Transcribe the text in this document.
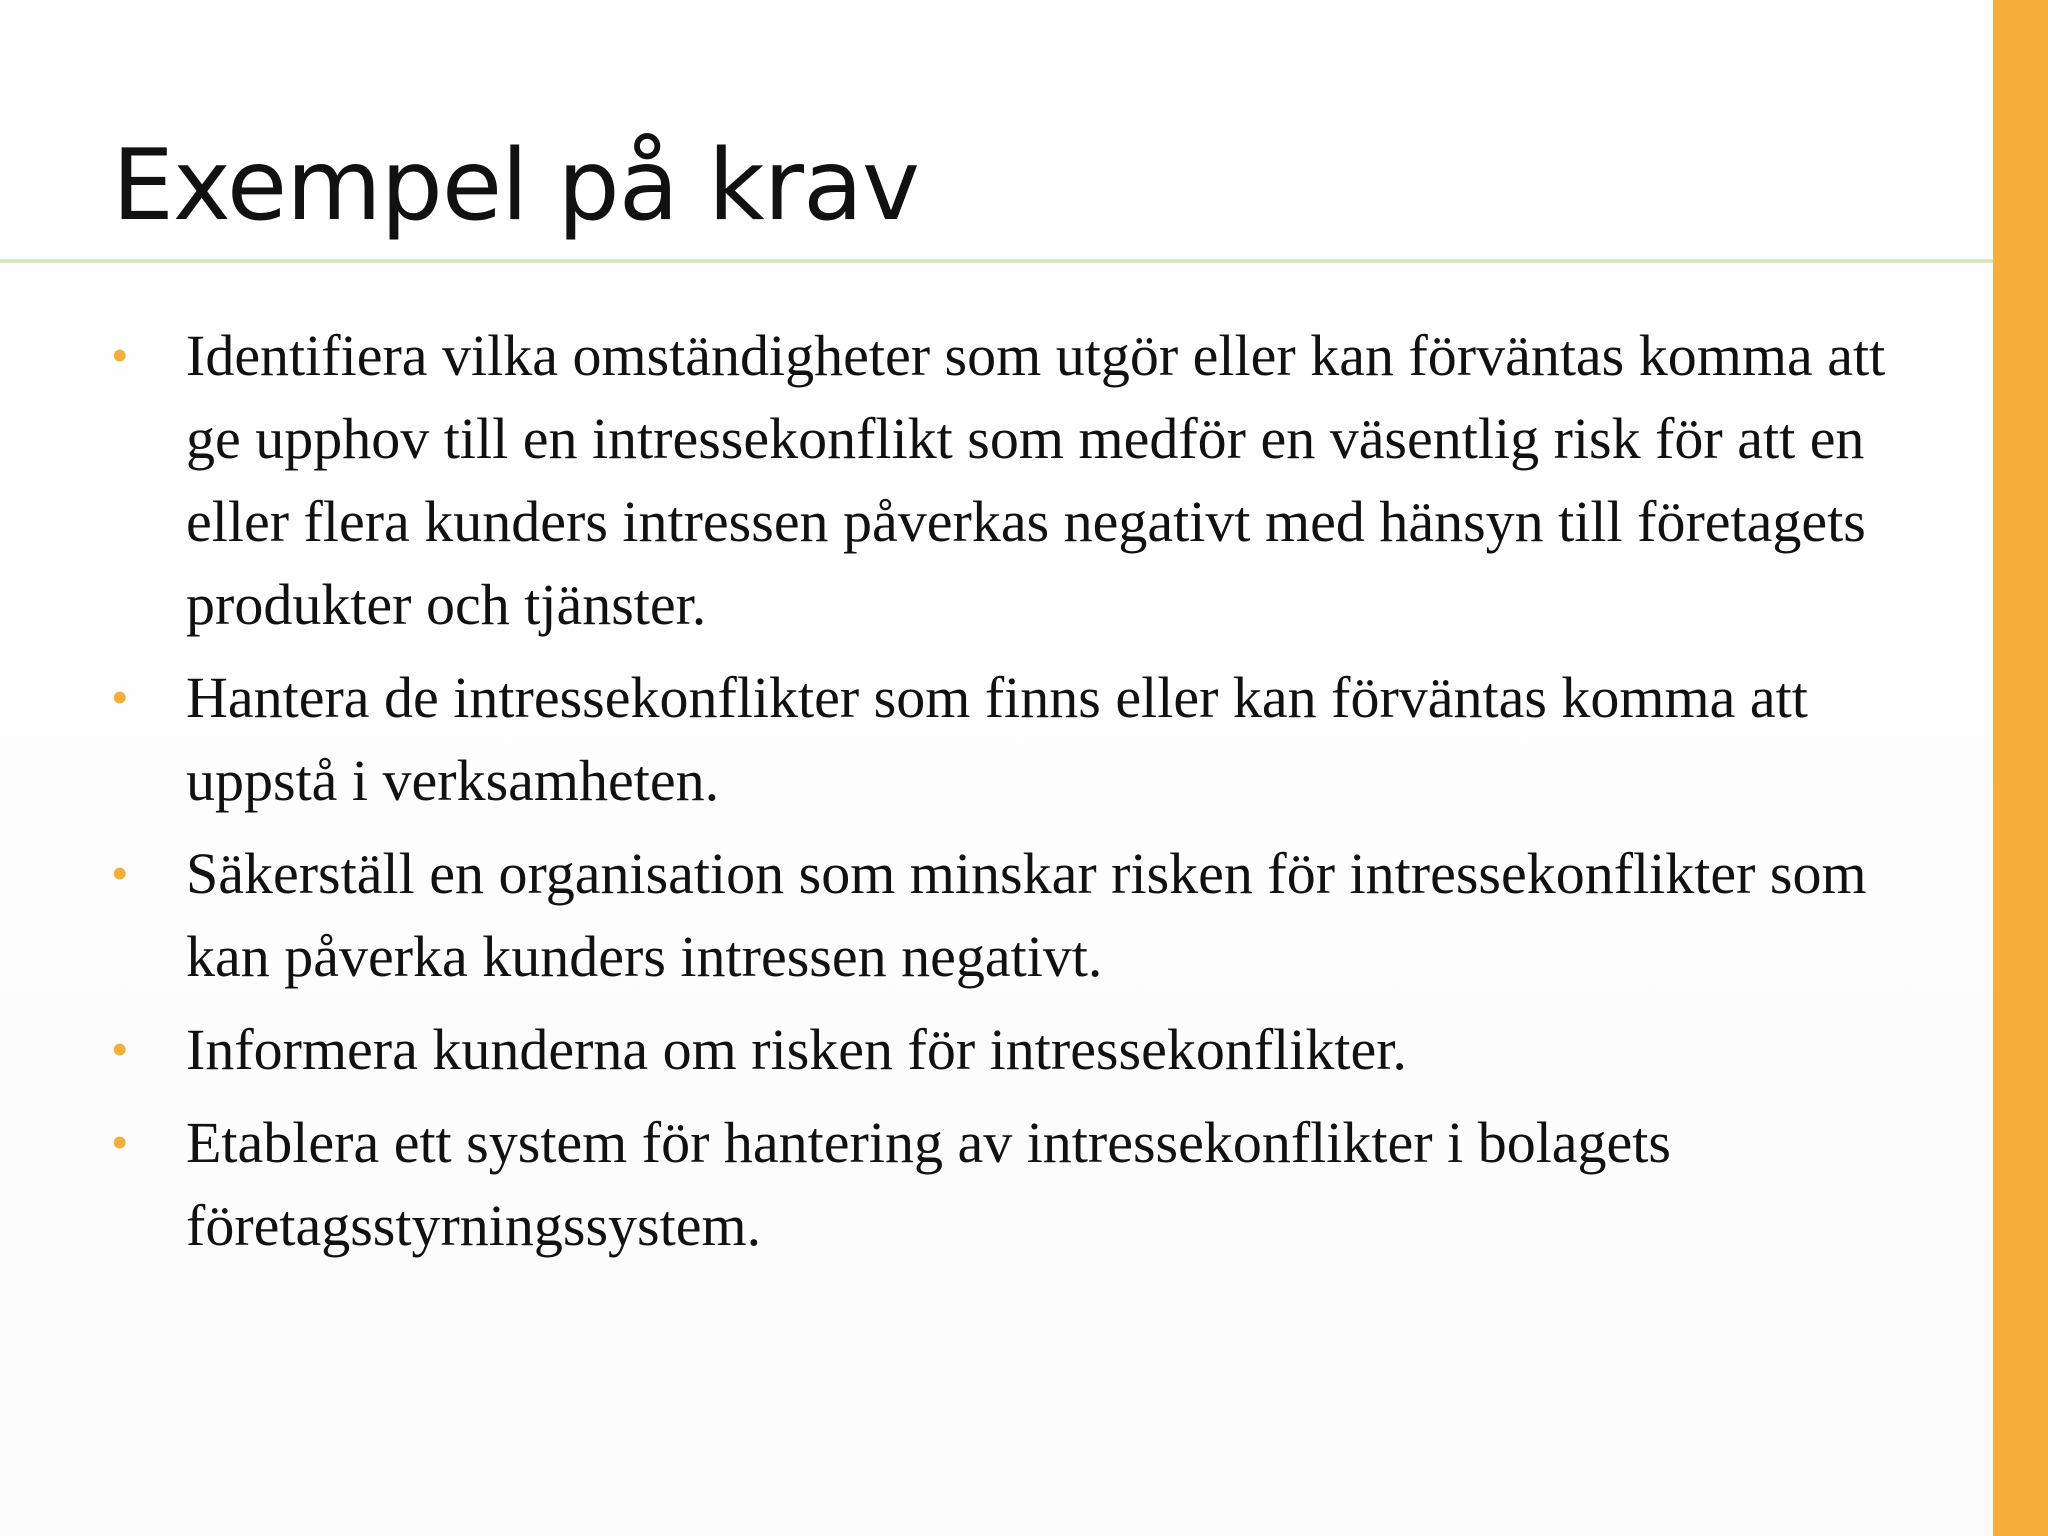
Exempel på krav
• Identifiera vilka omständigheter som utgör eller kan förväntas komma att ge upphov till en intressekonflikt som medför en väsentlig risk för att en eller flera kunders intressen påverkas negativt med hänsyn till företagets produkter och tjänster.
• Hantera de intressekonflikter som finns eller kan förväntas komma att uppstå i verksamheten.
• Säkerställ en organisation som minskar risken för intressekonflikter som kan påverka kunders intressen negativt.
• Informera kunderna om risken för intressekonflikter.
• Etablera ett system för hantering av intressekonflikter i bolagets företagsstyrningssystem.
